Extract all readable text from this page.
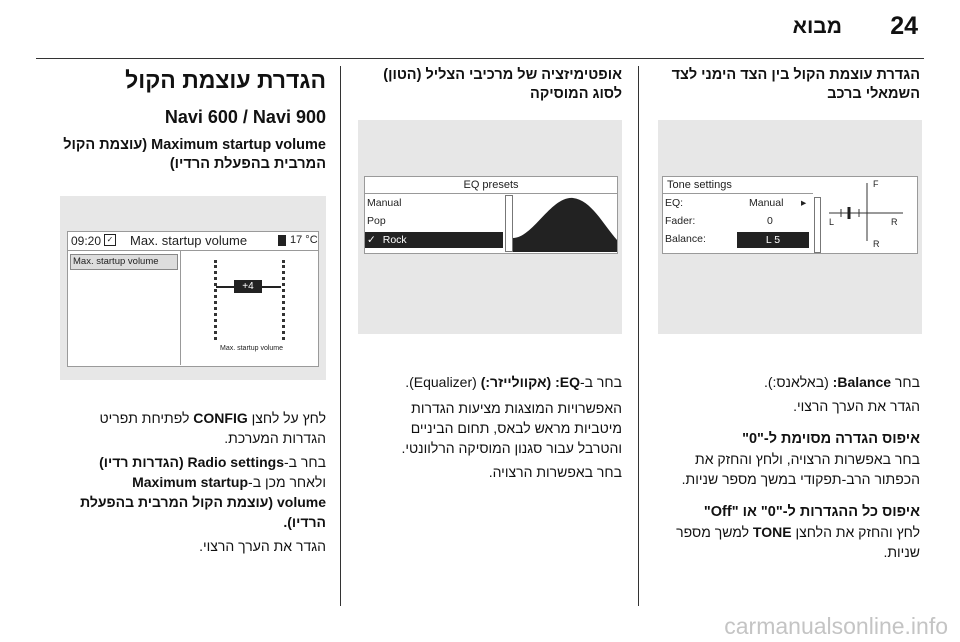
24
מבוא

הגדרת עוצמת הקול בין הצד הימני לצד
השמאלי ברכב

בחר Balance: (באלאנס:).

הגדר את הערך הרצוי.

איפוס הגדרה מסוימת ל-"0"

בחר באפשרות הרצויה, ולחץ והחזק את
הכפתור הרב-תפקודי במשך מספר שניות.

איפוס כל ההגדרות ל-"0" או "Off"

לחץ והחזק את הלחצן TONE למשך מספר
שניות.

אופטימיזציה של מרכיבי הצליל (הטון)
לסוג המוסיקה

בחר ב-EQ: (אקוולייזר:) (Equalizer).

האפשרויות המוצגות מציעות הגדרות
מיטביות מראש לבאס, תחום הביניים
והטרבל עבור סגנון המוסיקה הרלוונטי.

בחר באפשרות הרצויה.

הגדרת עוצמת הקול

Navi 600 / Navi 900

Maximum startup volume (עוצמת הקול
המרבית בהפעלת הרדיו)

לחץ על לחצן CONFIG לפתיחת תפריט
הגדרות המערכת.

בחר ב-Radio settings (הגדרות רדיו)
ולאחר מכן ב-Maximum startup
volume (עוצמת הקול המרבית בהפעלת
הרדיו).

הגדר את הערך הרצוי.

09:20 ✓ Max. startup volume	17 °C
Max. startup volume
+4
Max. startup volume
EQ presets
Manual
Pop
✓ Rock
Tone settings
EQ:	Manual ▸
Fader:	0
Balance:	L 5
F
L	R
R
carmanualsonline.info
